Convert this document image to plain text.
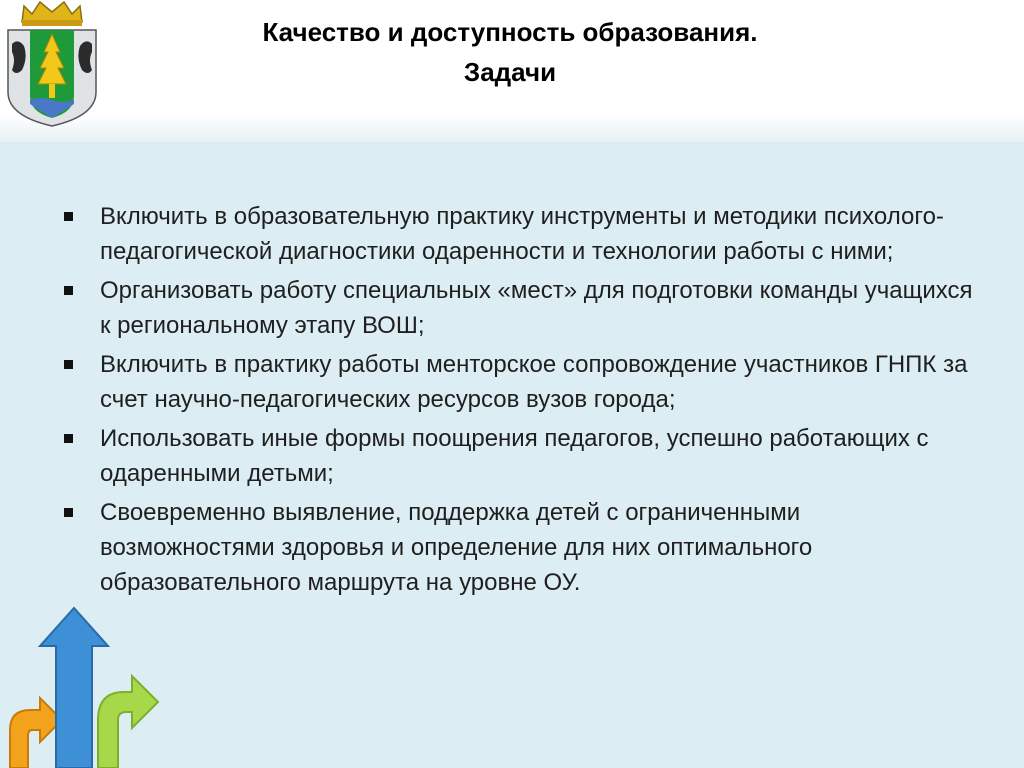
Качество и доступность образования.
Задачи
Включить в образовательную практику инструменты и методики психолого-педагогической диагностики одаренности и технологии работы с ними;
Организовать работу специальных «мест» для подготовки команды учащихся к региональному этапу ВОШ;
Включить в практику работы менторское сопровождение участников ГНПК за счет научно-педагогических ресурсов вузов города;
Использовать иные формы поощрения педагогов, успешно работающих с одаренными детьми;
Своевременно выявление, поддержка детей с ограниченными возможностями здоровья и определение для них оптимального образовательного маршрута на уровне ОУ.
